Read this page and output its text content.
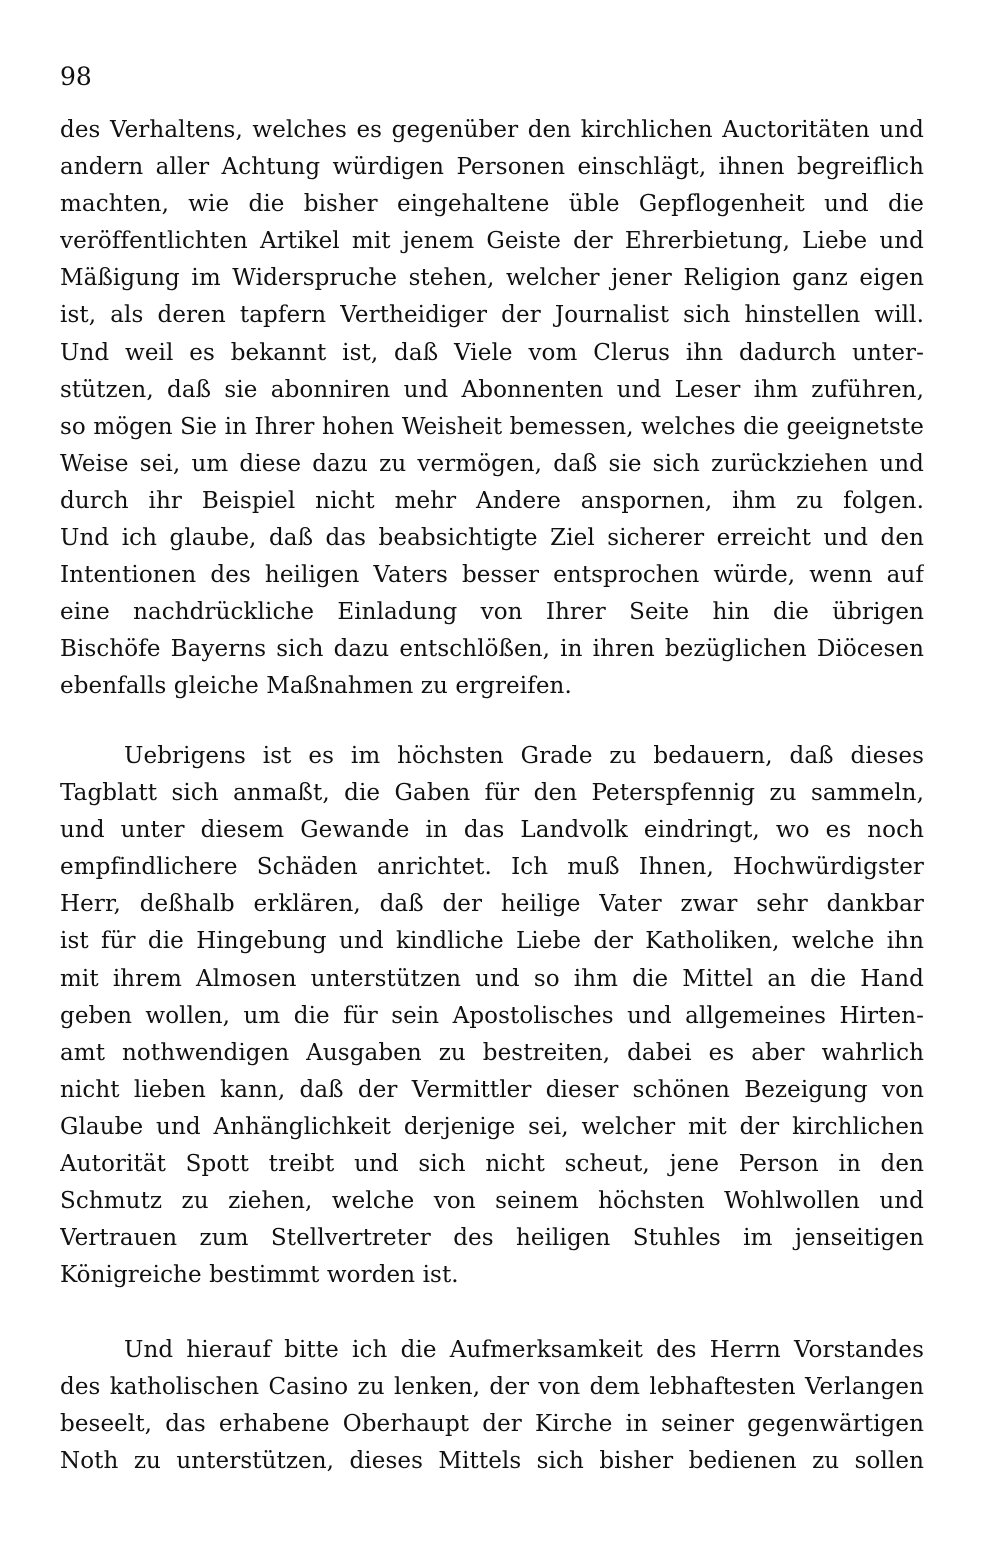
98
des Verhaltens, welches es gegenüber den kirchlichen Auctoritäten und
andern aller Achtung würdigen Personen einschlägt, ihnen begreiflich
machten, wie die bisher eingehaltene üble Gepflogenheit und die
veröffentlichten Artikel mit jenem Geiste der Ehrerbietung, Liebe und
Mäßigung im Widerspruche stehen, welcher jener Religion ganz eigen
ist, als deren tapfern Vertheidiger der Journalist sich hinstellen will.
Und weil es bekannt ist, daß Viele vom Clerus ihn dadurch unter-
stützen, daß sie abonniren und Abonnenten und Leser ihm zuführen,
so mögen Sie in Ihrer hohen Weisheit bemessen, welches die geeignetste
Weise sei, um diese dazu zu vermögen, daß sie sich zurückziehen und
durch ihr Beispiel nicht mehr Andere anspornen, ihm zu folgen.
Und ich glaube, daß das beabsichtigte Ziel sicherer erreicht und den
Intentionen des heiligen Vaters besser entsprochen würde, wenn auf
eine nachdrückliche Einladung von Ihrer Seite hin die übrigen
Bischöfe Bayerns sich dazu entschlößen, in ihren bezüglichen Diöcesen
ebenfalls gleiche Maßnahmen zu ergreifen.
Uebrigens ist es im höchsten Grade zu bedauern, daß dieses
Tagblatt sich anmaßt, die Gaben für den Peterspfennig zu sammeln,
und unter diesem Gewande in das Landvolk eindringt, wo es noch
empfindlichere Schäden anrichtet. Ich muß Ihnen, Hochwürdigster
Herr, deßhalb erklären, daß der heilige Vater zwar sehr dankbar
ist für die Hingebung und kindliche Liebe der Katholiken, welche ihn
mit ihrem Almosen unterstützen und so ihm die Mittel an die Hand
geben wollen, um die für sein Apostolisches und allgemeines Hirten-
amt nothwendigen Ausgaben zu bestreiten, dabei es aber wahrlich
nicht lieben kann, daß der Vermittler dieser schönen Bezeigung von
Glaube und Anhänglichkeit derjenige sei, welcher mit der kirchlichen
Autorität Spott treibt und sich nicht scheut, jene Person in den
Schmutz zu ziehen, welche von seinem höchsten Wohlwollen und
Vertrauen zum Stellvertreter des heiligen Stuhles im jenseitigen
Königreiche bestimmt worden ist.
Und hierauf bitte ich die Aufmerksamkeit des Herrn Vorstandes
des katholischen Casino zu lenken, der von dem lebhaftesten Verlangen
beseelt, das erhabene Oberhaupt der Kirche in seiner gegenwärtigen
Noth zu unterstützen, dieses Mittels sich bisher bedienen zu sollen
